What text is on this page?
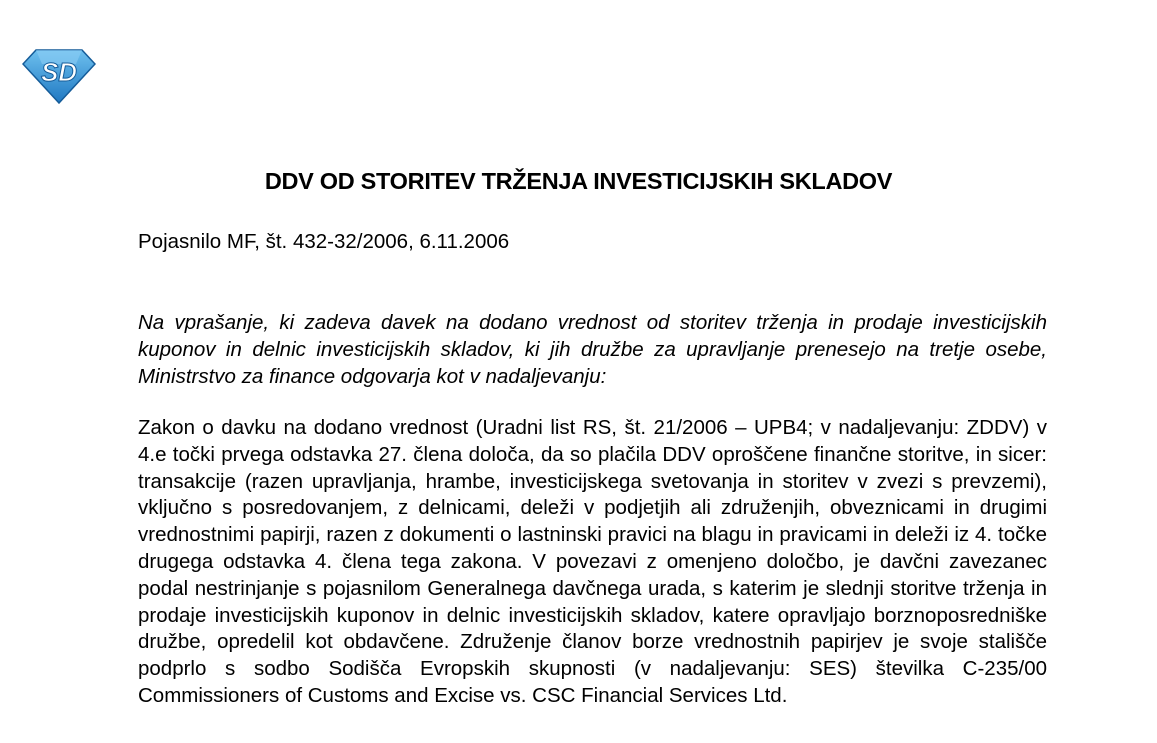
SD
DDV OD STORITEV TRŽENJA INVESTICIJSKIH SKLADOV

Pojasnilo MF, št. 432-32/2006, 6.11.2006

Na vprašanje, ki zadeva davek na dodano vrednost od storitev trženja in prodaje investicijskih kuponov in delnic investicijskih skladov, ki jih družbe za upravljanje prenesejo na tretje osebe, Ministrstvo za finance odgovarja kot v nadaljevanju:

Zakon o davku na dodano vrednost (Uradni list RS, št. 21/2006 – UPB4; v nadaljevanju: ZDDV) v 4.e točki prvega odstavka 27. člena določa, da so plačila DDV oproščene finančne storitve, in sicer: transakcije (razen upravljanja, hrambe, investicijskega svetovanja in storitev v zvezi s prevzemi), vključno s posredovanjem, z delnicami, deleži v podjetjih ali združenjih, obveznicami in drugimi vrednostnimi papirji, razen z dokumenti o lastninski pravici na blagu in pravicami in deleži iz 4. točke drugega odstavka 4. člena tega zakona. V povezavi z omenjeno določbo, je davčni zavezanec podal nestrinjanje s pojasnilom Generalnega davčnega urada, s katerim je slednji storitve trženja in prodaje investicijskih kuponov in delnic investicijskih skladov, katere opravljajo borznoposredniške družbe, opredelil kot obdavčene. Združenje članov borze vrednostnih papirjev je svoje stališče podprlo s sodbo Sodišča Evropskih skupnosti (v nadaljevanju: SES) številka C-235/00 Commissioners of Customs and Excise vs. CSC Financial Services Ltd.
